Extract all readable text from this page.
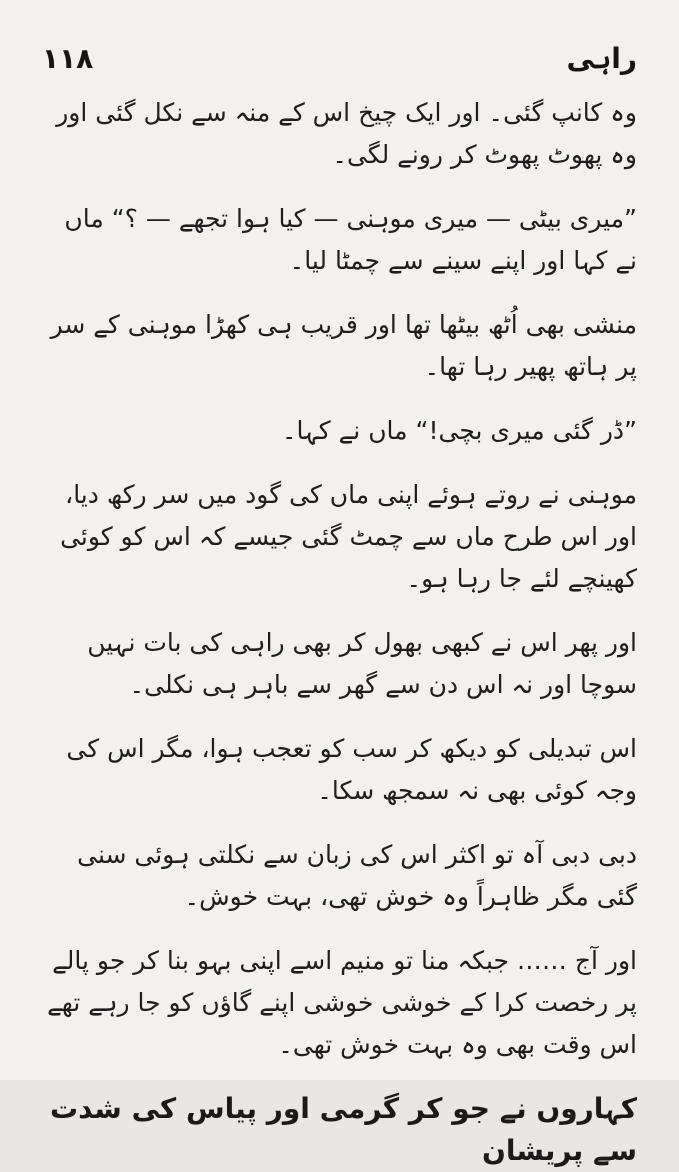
۱۱۸	راہی

وہ کانپ گئی۔ اور ایک چیخ اس کے منہ سے نکل گئی اور وہ پھوٹ پھوٹ کر رونے لگی۔

”میری بیٹی — میری موہنی — کیا ہوا تجھے — ؟“ ماں نے کہا اور اپنے سینے سے چمٹا لیا۔

منشی بھی اُٹھ بیٹھا تھا اور قریب ہی کھڑا موہنی کے سر پر ہاتھ پھیر رہا تھا۔

”ڈر گئی میری بچی!“ ماں نے کہا۔

موہنی نے روتے ہوئے اپنی ماں کی گود میں سر رکھ دیا، اور اس طرح ماں سے چمٹ گئی جیسے کہ اس کو کوئی کھینچے لئے جا رہا ہو۔

اور پھر اس نے کبھی بھول کر بھی راہی کی بات نہیں سوچا اور نہ اس دن سے گھر سے باہر ہی نکلی۔

اس تبدیلی کو دیکھ کر سب کو تعجب ہوا، مگر اس کی وجہ کوئی بھی نہ سمجھ سکا۔

دبی دبی آہ تو اکثر اس کی زبان سے نکلتی ہوئی سنی گئی مگر ظاہراً وہ خوش تھی، بہت خوش۔

اور آج …… جبکہ منا تو منیم اسے اپنی بہو بنا کر جو پالے پر رخصت کرا کے خوشی خوشی اپنے گاؤں کو جا رہے تھے اس وقت بھی وہ بہت خوش تھی۔

کہاروں نے جو کر گرمی اور پیاس کی شدت سے پریشان
